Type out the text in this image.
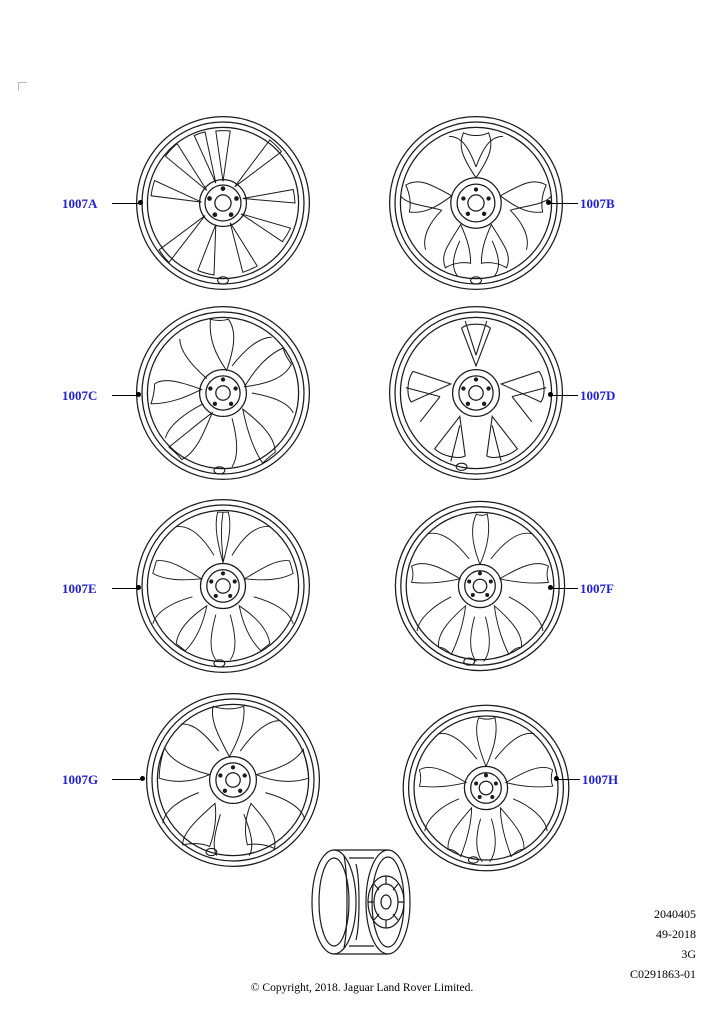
1007A	1007B
1007C	1007D
1007E	1007F
1007G	1007H
2040405
49-2018
3G
C0291863-01
© Copyright, 2018. Jaguar Land Rover Limited.
